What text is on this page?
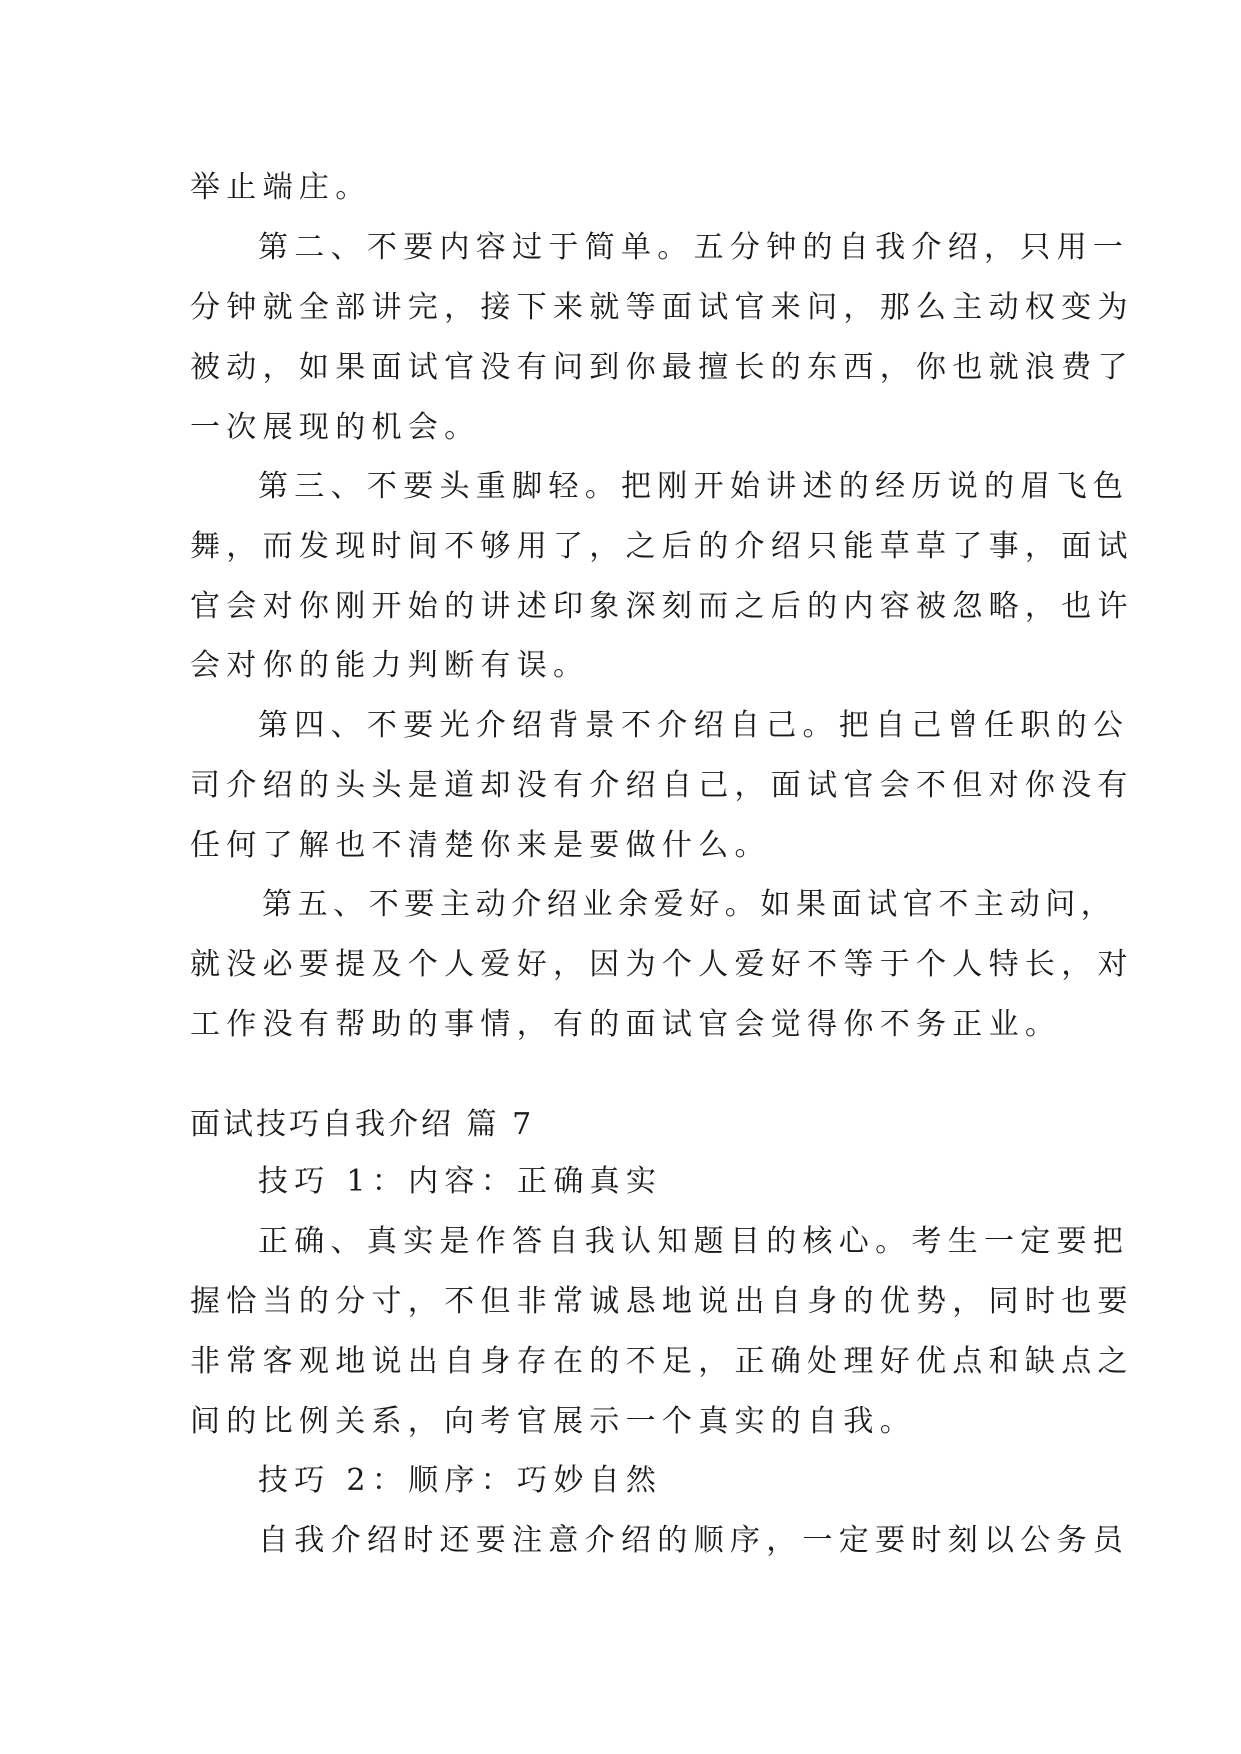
举止端庄。
第二、不要内容过于简单。五分钟的自我介绍，只用一
分钟就全部讲完，接下来就等面试官来问，那么主动权变为
被动，如果面试官没有问到你最擅长的东西，你也就浪费了
一次展现的机会。
第三、不要头重脚轻。把刚开始讲述的经历说的眉飞色
舞，而发现时间不够用了，之后的介绍只能草草了事，面试
官会对你刚开始的讲述印象深刻而之后的内容被忽略，也许
会对你的能力判断有误。
第四、不要光介绍背景不介绍自己。把自己曾任职的公
司介绍的头头是道却没有介绍自己，面试官会不但对你没有
任何了解也不清楚你来是要做什么。
第五、不要主动介绍业余爱好。如果面试官不主动问，
就没必要提及个人爱好，因为个人爱好不等于个人特长，对
工作没有帮助的事情，有的面试官会觉得你不务正业。
面试技巧自我介绍 篇 7
技巧 1：内容：正确真实
正确、真实是作答自我认知题目的核心。考生一定要把
握恰当的分寸，不但非常诚恳地说出自身的优势，同时也要
非常客观地说出自身存在的不足，正确处理好优点和缺点之
间的比例关系，向考官展示一个真实的自我。
技巧 2：顺序：巧妙自然
自我介绍时还要注意介绍的顺序，一定要时刻以公务员
